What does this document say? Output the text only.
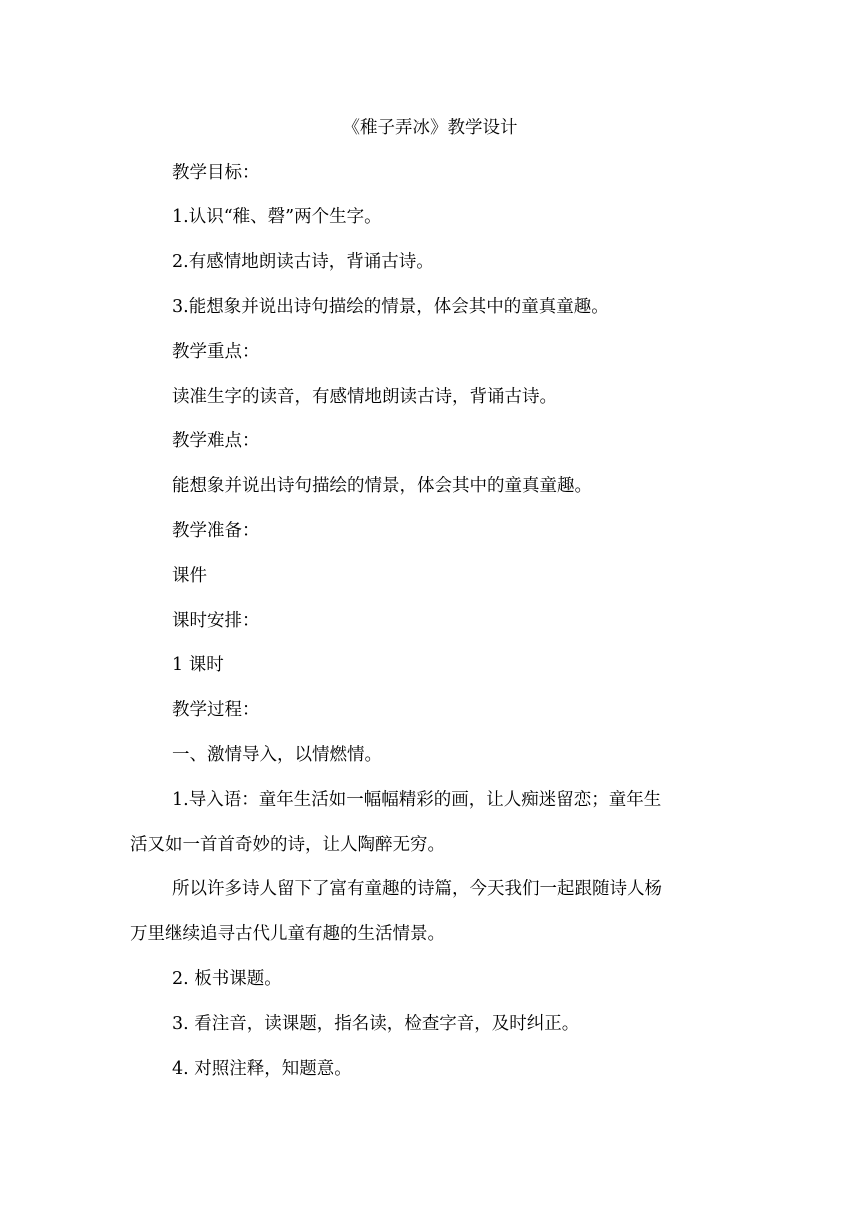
《稚子弄冰》教学设计
教学目标：
1.认识“稚、磬”两个生字。
2.有感情地朗读古诗，背诵古诗。
3.能想象并说出诗句描绘的情景，体会其中的童真童趣。
教学重点：
读准生字的读音，有感情地朗读古诗，背诵古诗。
教学难点：
能想象并说出诗句描绘的情景，体会其中的童真童趣。
教学准备：
课件
课时安排：
1 课时
教学过程：
一、激情导入，以情燃情。
1.导入语：童年生活如一幅幅精彩的画，让人痴迷留恋；童年生
活又如一首首奇妙的诗，让人陶醉无穷。
所以许多诗人留下了富有童趣的诗篇，今天我们一起跟随诗人杨
万里继续追寻古代儿童有趣的生活情景。
2. 板书课题。
3. 看注音，读课题，指名读，检查字音，及时纠正。
4. 对照注释，知题意。
